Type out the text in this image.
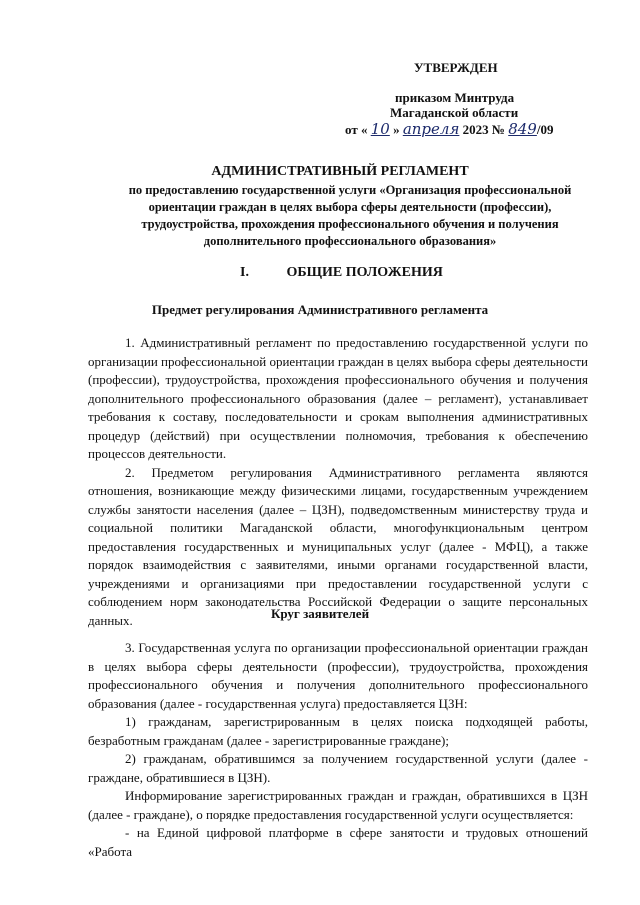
УТВЕРЖДЕН
приказом Минтруда
Магаданской области
от « 10 » апреля 2023 № 849/09
АДМИНИСТРАТИВНЫЙ РЕГЛАМЕНТ
по предоставлению государственной услуги «Организация профессиональной ориентации граждан в целях выбора сферы деятельности (профессии), трудоустройства, прохождения профессионального обучения и получения дополнительного профессионального образования»
I.	ОБЩИЕ ПОЛОЖЕНИЯ
Предмет регулирования Административного регламента

1. Административный регламент по предоставлению государственной услуги по организации профессиональной ориентации граждан в целях выбора сферы деятельности (профессии), трудоустройства, прохождения профессионального обучения и получения дополнительного профессионального образования (далее – регламент), устанавливает требования к составу, последовательности и срокам выполнения административных процедур (действий) при осуществлении полномочия, требования к обеспечению процессов деятельности.

2. Предметом регулирования Административного регламента являются отношения, возникающие между физическими лицами, государственным учреждением службы занятости населения (далее – ЦЗН), подведомственным министерству труда и социальной политики Магаданской области, многофункциональным центром предоставления государственных и муниципальных услуг (далее - МФЦ), а также порядок взаимодействия с заявителями, иными органами государственной власти, учреждениями и организациями при предоставлении государственной услуги с соблюдением норм законодательства Российской Федерации о защите персональных данных.	Круг заявителей

3. Государственная услуга по организации профессиональной ориентации граждан в целях выбора сферы деятельности (профессии), трудоустройства, прохождения профессионального обучения и получения дополнительного профессионального образования (далее - государственная услуга) предоставляется ЦЗН:

1) гражданам, зарегистрированным в целях поиска подходящей работы, безработным гражданам (далее - зарегистрированные граждане);

2) гражданам, обратившимся за получением государственной услуги (далее - граждане, обратившиеся в ЦЗН).

Информирование зарегистрированных граждан и граждан, обратившихся в ЦЗН (далее - граждане), о порядке предоставления государственной услуги осуществляется:

- на Единой цифровой платформе в сфере занятости и трудовых отношений «Работа
